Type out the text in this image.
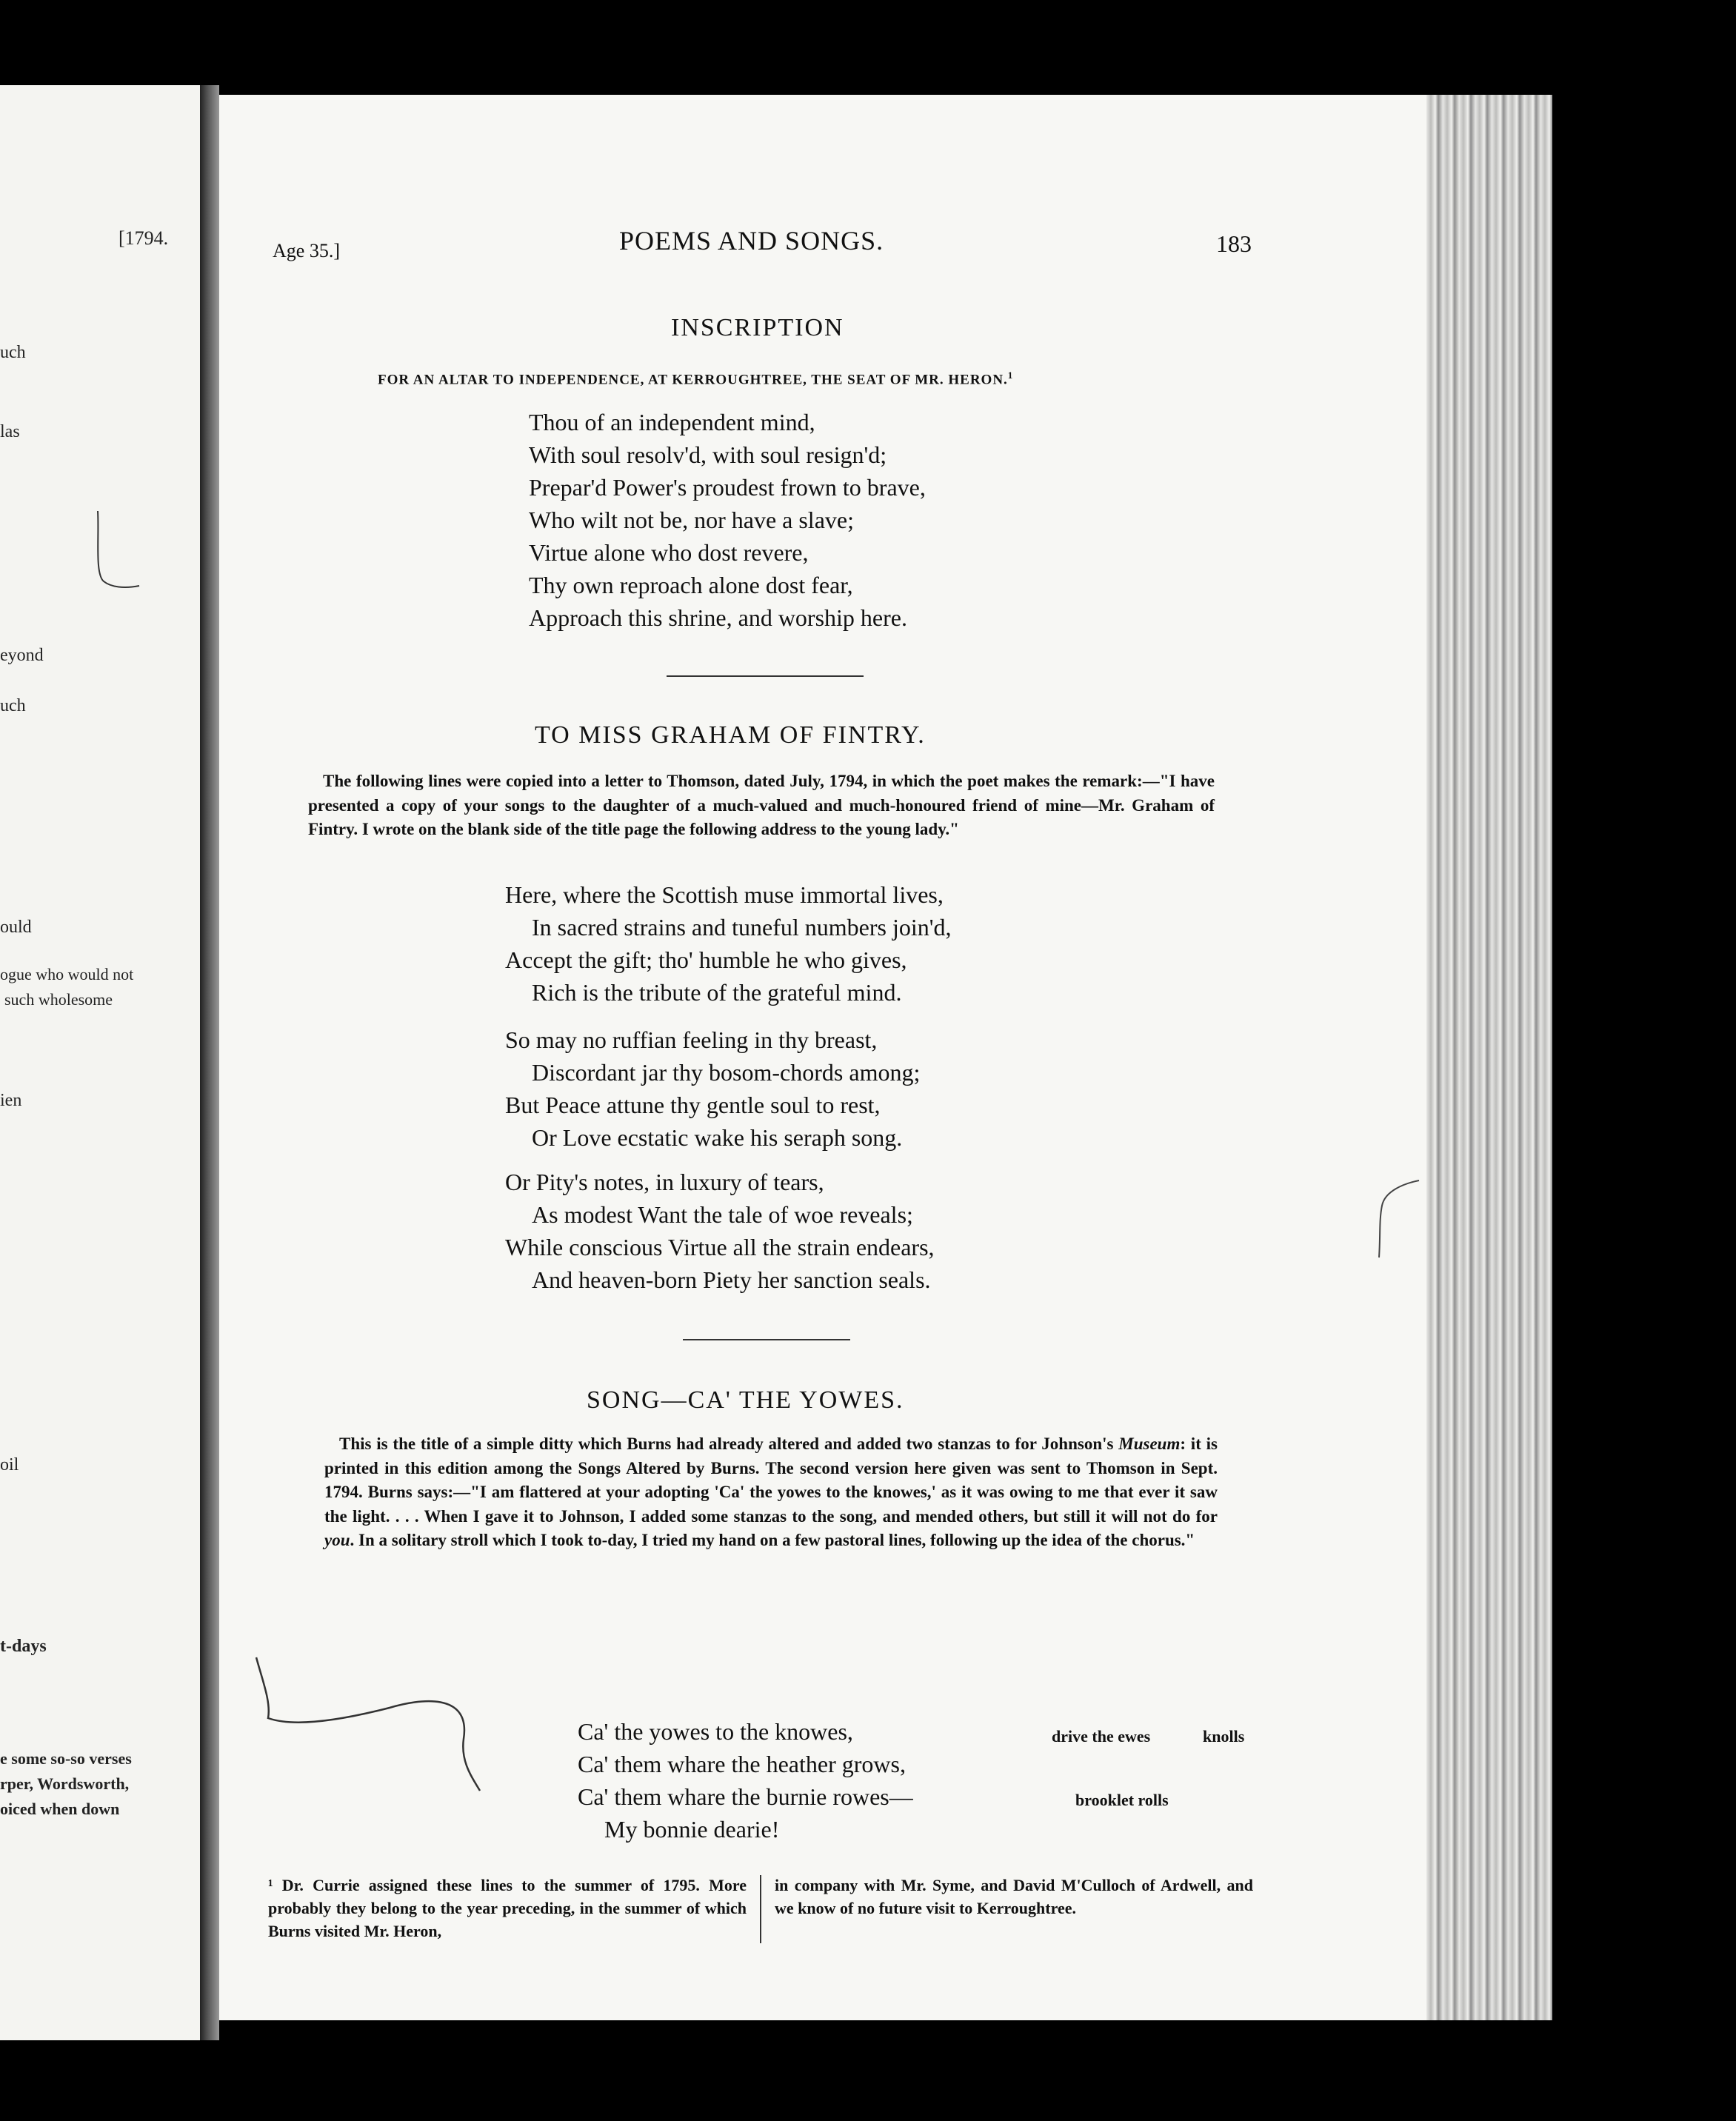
[1794.
uch
las
eyond
uch
ould
ogue who would not
such wholesome
ien
oil
t-days
e some so-so verses
rper, Wordsworth,
oiced when down
Age 35.]	POEMS AND SONGS.	183
INSCRIPTION
FOR AN ALTAR TO INDEPENDENCE, AT KERROUGHTREE, THE SEAT OF MR. HERON.$^1$
Thou of an independent mind,
With soul resolv'd, with soul resign'd;
Prepar'd Power's proudest frown to brave,
Who wilt not be, nor have a slave;
Virtue alone who dost revere,
Thy own reproach alone dost fear,
Approach this shrine, and worship here.
TO MISS GRAHAM OF FINTRY.
The following lines were copied into a letter to Thomson, dated July, 1794, in which the poet makes the remark:—"I have presented a copy of your songs to the daughter of a much-valued and much-honoured friend of mine—Mr. Graham of Fintry. I wrote on the blank side of the title page the following address to the young lady."
Here, where the Scottish muse immortal lives,
In sacred strains and tuneful numbers join'd,
Accept the gift; tho' humble he who gives,
Rich is the tribute of the grateful mind.
So may no ruffian feeling in thy breast,
Discordant jar thy bosom-chords among;
But Peace attune thy gentle soul to rest,
Or Love ecstatic wake his seraph song.
Or Pity's notes, in luxury of tears,
As modest Want the tale of woe reveals;
While conscious Virtue all the strain endears,
And heaven-born Piety her sanction seals.
SONG—CA' THE YOWES.
This is the title of a simple ditty which Burns had already altered and added two stanzas to for Johnson's Museum: it is printed in this edition among the Songs Altered by Burns. The second version here given was sent to Thomson in Sept. 1794. Burns says:—"I am flattered at your adopting 'Ca' the yowes to the knowes,' as it was owing to me that ever it saw the light. . . . When I gave it to Johnson, I added some stanzas to the song, and mended others, but still it will not do for you. In a solitary stroll which I took to-day, I tried my hand on a few pastoral lines, following up the idea of the chorus."
Ca' the yowes to the knowes,
Ca' them whare the heather grows,
Ca' them whare the burnie rowes—
My bonnie dearie!
drive the ewes	knolls
brooklet rolls
¹ Dr. Currie assigned these lines to the summer of 1795. More probably they belong to the year preceding, in the summer of which Burns visited Mr. Heron,
in company with Mr. Syme, and David M'Culloch of Ardwell, and we know of no future visit to Kerroughtree.
